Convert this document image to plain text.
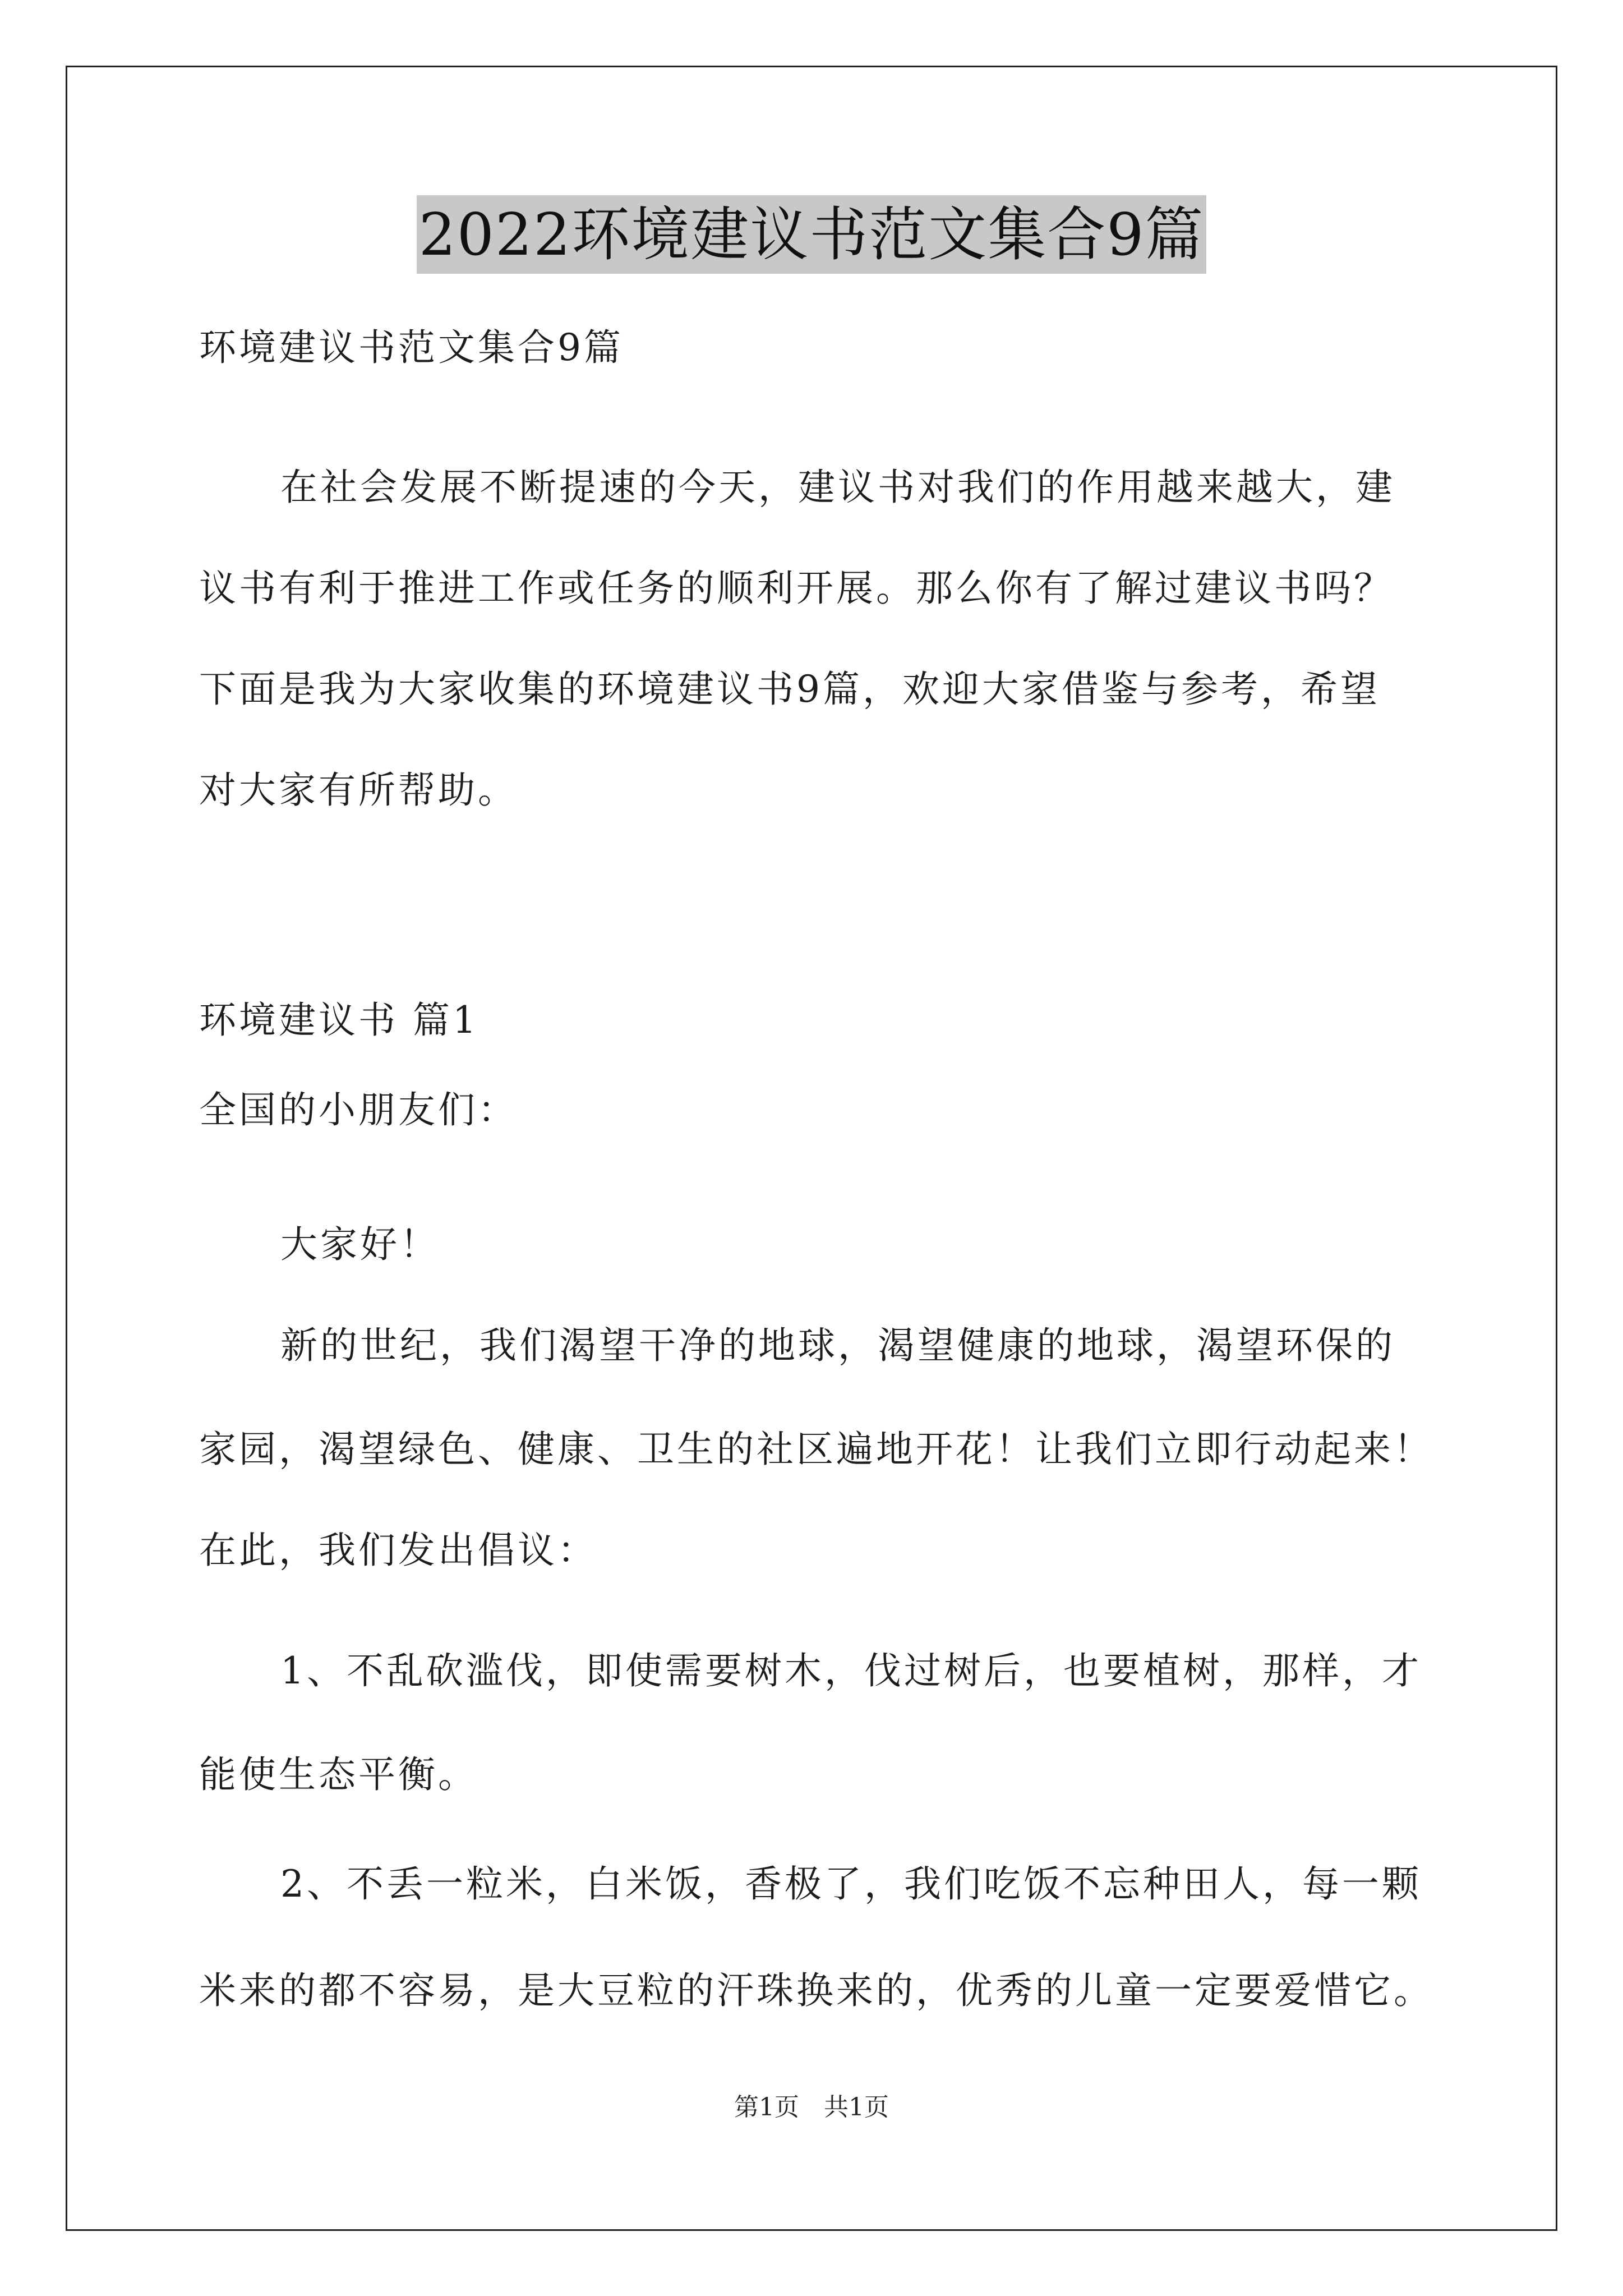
2022环境建议书范文集合9篇
环境建议书范文集合9篇
在社会发展不断提速的今天，建议书对我们的作用越来越大，建
议书有利于推进工作或任务的顺利开展。那么你有了解过建议书吗？
下面是我为大家收集的环境建议书9篇，欢迎大家借鉴与参考，希望
对大家有所帮助。
环境建议书 篇1
全国的小朋友们：
大家好！
新的世纪，我们渴望干净的地球，渴望健康的地球，渴望环保的
家园，渴望绿色、健康、卫生的社区遍地开花！让我们立即行动起来！
在此，我们发出倡议：
1、不乱砍滥伐，即使需要树木，伐过树后，也要植树，那样，才
能使生态平衡。
2、不丢一粒米，白米饭，香极了，我们吃饭不忘种田人，每一颗
米来的都不容易，是大豆粒的汗珠换来的，优秀的儿童一定要爱惜它。
第1页　共1页
